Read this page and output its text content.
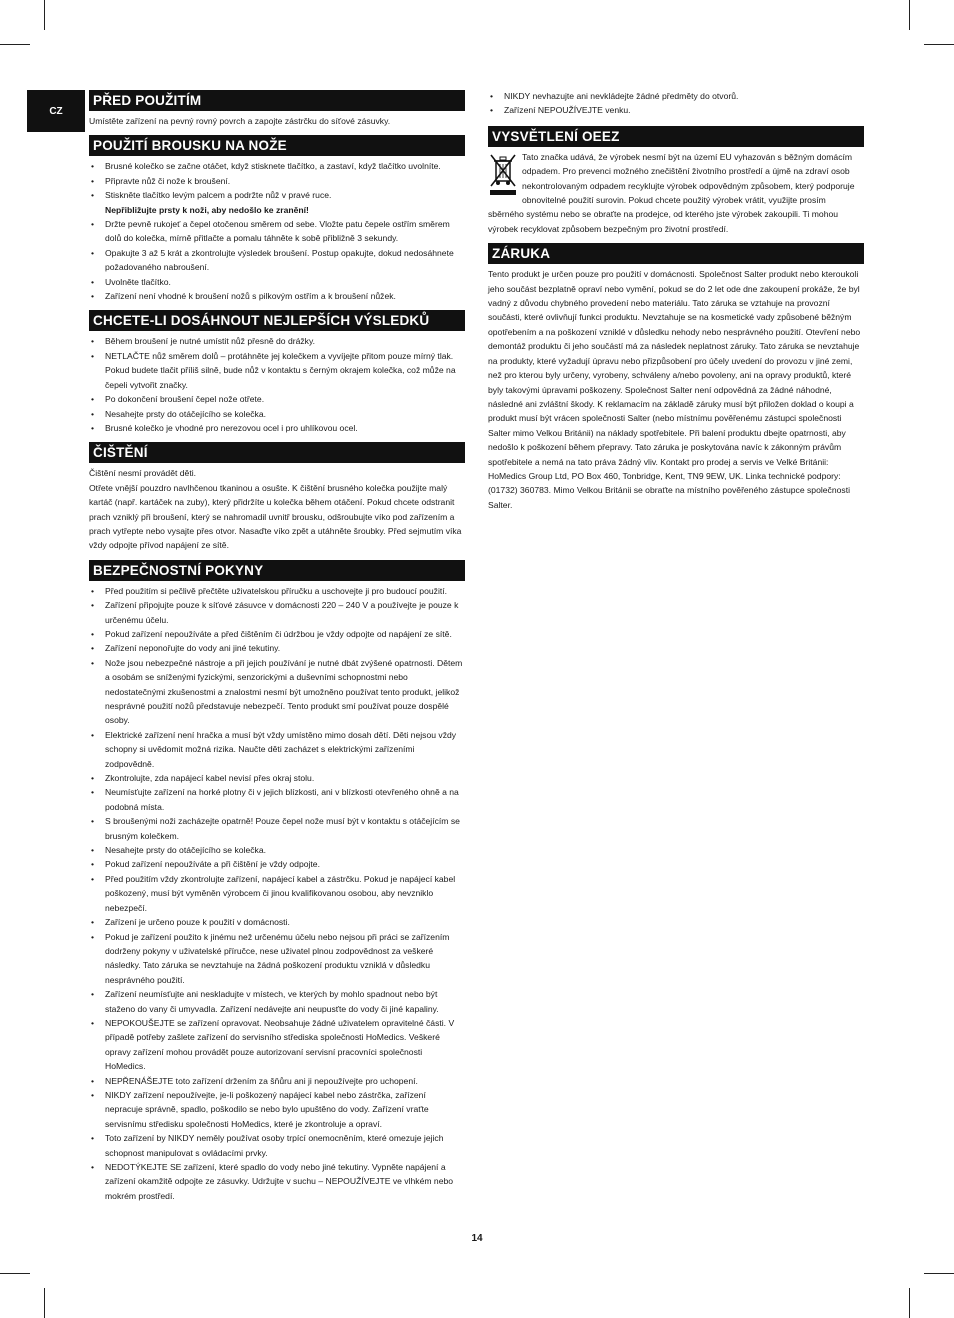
CZ
PŘED POUŽITÍM

Umístěte zařízení na pevný rovný povrch a zapojte zástrčku do síťové zásuvky.

POUŽITÍ BROUSKU NA NOŽE
•	Brusné kolečko se začne otáčet, když stisknete tlačítko, a zastaví, když tlačítko uvolníte.
•	Připravte nůž či nože k broušení.
•	Stiskněte tlačítko levým palcem a podržte nůž v pravé ruce.
Nepřibližujte prsty k noži, aby nedošlo ke zranění!
•	Držte pevně rukojeť a čepel otočenou směrem od sebe. Vložte patu čepele ostřím směrem dolů do kolečka, mírně přitlačte a pomalu táhněte k sobě přibližně 3 sekundy.
•	Opakujte 3 až 5 krát a zkontrolujte výsledek broušení. Postup opakujte, dokud nedosáhnete požadovaného nabroušení.
•	Uvolněte tlačítko.
•	Zařízení není vhodné k broušení nožů s pilkovým ostřím a k broušení nůžek.
CHCETE-LI DOSÁHNOUT NEJLEPŠÍCH VÝSLEDKŮ
•	Během broušení je nutné umístit nůž přesně do drážky.
•	NETLAČTE nůž směrem dolů – protáhněte jej kolečkem a vyvíjejte přitom pouze mírný tlak. Pokud budete tlačit příliš silně, bude nůž v kontaktu s černým okrajem kolečka, což může na čepeli vytvořit značky.
•	Po dokončení broušení čepel nože otřete.
•	Nesahejte prsty do otáčejícího se kolečka.
•	Brusné kolečko je vhodné pro nerezovou ocel i pro uhlíkovou ocel.
ČIŠTĚNÍ

Čištění nesmí provádět děti.

Otřete vnější pouzdro navlhčenou tkaninou a osušte. K čištění brusného kolečka použijte malý kartáč (např. kartáček na zuby), který přidržíte u kolečka během otáčení. Pokud chcete odstranit prach vzniklý při broušení, který se nahromadil uvnitř brousku, odšroubujte víko pod zařízením a prach vytřepte nebo vysajte přes otvor. Nasaďte víko zpět a utáhněte šroubky. Před sejmutím víka vždy odpojte přívod napájení ze sítě.

BEZPEČNOSTNÍ POKYNY
•	Před použitím si pečlivě přečtěte uživatelskou příručku a uschovejte ji pro budoucí použití.
•	Zařízení připojujte pouze k síťové zásuvce v domácnosti 220 – 240 V a používejte je pouze k určenému účelu.
•	Pokud zařízení nepoužíváte a před čištěním či údržbou je vždy odpojte od napájení ze sítě.
•	Zařízení neponořujte do vody ani jiné tekutiny.
•	Nože jsou nebezpečné nástroje a při jejich používání je nutné dbát zvýšené opatrnosti. Dětem a osobám se sníženými fyzickými, senzorickými a duševními schopnostmi nebo nedostatečnými zkušenostmi a znalostmi nesmí být umožněno používat tento produkt, jelikož nesprávné použití nožů představuje nebezpečí. Tento produkt smí používat pouze dospělé osoby.
•	Elektrické zařízení není hračka a musí být vždy umístěno mimo dosah dětí. Děti nejsou vždy schopny si uvědomit možná rizika. Naučte děti zacházet s elektrickými zařízeními zodpovědně.
•	Zkontrolujte, zda napájecí kabel nevisí přes okraj stolu.
•	Neumísťujte zařízení na horké plotny či v jejich blízkosti, ani v blízkosti otevřeného ohně a na podobná místa.
•	S broušenými noži zacházejte opatrně! Pouze čepel nože musí být v kontaktu s otáčejícím se brusným kolečkem.
•	Nesahejte prsty do otáčejícího se kolečka.
•	Pokud zařízení nepoužíváte a při čištění je vždy odpojte.
•	Před použitím vždy zkontrolujte zařízení, napájecí kabel a zástrčku. Pokud je napájecí kabel poškozený, musí být vyměněn výrobcem či jinou kvalifikovanou osobou, aby nevzniklo nebezpečí.
•	Zařízení je určeno pouze k použití v domácnosti.
•	Pokud je zařízení použito k jinému než určenému účelu nebo nejsou při práci se zařízením dodrženy pokyny v uživatelské příručce, nese uživatel plnou zodpovědnost za veškeré následky. Tato záruka se nevztahuje na žádná poškození produktu vzniklá v důsledku nesprávného použití.
•	Zařízení neumísťujte ani neskladujte v místech, ve kterých by mohlo spadnout nebo být staženo do vany či umyvadla. Zařízení nedávejte ani neupusťte do vody či jiné kapaliny.
•	NEPOKOUŠEJTE se zařízení opravovat. Neobsahuje žádné uživatelem opravitelné části. V případě potřeby zašlete zařízení do servisního střediska společnosti HoMedics. Veškeré opravy zařízení mohou provádět pouze autorizovaní servisní pracovníci společnosti HoMedics.
•	NEPŘENÁŠEJTE toto zařízení držením za šňůru ani ji nepoužívejte pro uchopení.
•	NIKDY zařízení nepoužívejte, je-li poškozený napájecí kabel nebo zástrčka, zařízení nepracuje správně, spadlo, poškodilo se nebo bylo upuštěno do vody. Zařízení vraťte servisnímu středisku společnosti HoMedics, které je zkontroluje a opraví.
•	Toto zařízení by NIKDY neměly používat osoby trpící onemocněním, které omezuje jejich schopnost manipulovat s ovládacími prvky.
•	NEDOTÝKEJTE SE zařízení, které spadlo do vody nebo jiné tekutiny. Vypněte napájení a zařízení okamžitě odpojte ze zásuvky. Udržujte v suchu – NEPOUŽÍVEJTE ve vlhkém nebo mokrém prostředí.
•	NIKDY nevhazujte ani nevkládejte žádné předměty do otvorů.
•	Zařízení NEPOUŽÍVEJTE venku.
VYSVĚTLENÍ OEEZ

Tato značka udává, že výrobek nesmí být na území EU vyhazován s běžným domácím odpadem. Pro prevenci možného znečištění životního prostředí a újmě na zdraví osob nekontrolovaným odpadem recyklujte výrobek odpovědným způsobem, který podporuje obnovitelné použití surovin. Pokud chcete použitý výrobek vrátit, využijte prosím sběrného systému nebo se obraťte na prodejce, od kterého jste výrobek zakoupili. Ti mohou výrobek recyklovat způsobem bezpečným pro životní prostředí.

ZÁRUKA

Tento produkt je určen pouze pro použití v domácnosti. Společnost Salter produkt nebo kteroukoli jeho součást bezplatně opraví nebo vymění, pokud se do 2 let ode dne zakoupení prokáže, že byl vadný z důvodu chybného provedení nebo materiálu. Tato záruka se vztahuje na provozní součásti, které ovlivňují funkci produktu. Nevztahuje se na kosmetické vady způsobené běžným opotřebením a na poškození vzniklé v důsledku nehody nebo nesprávného použití. Otevření nebo demontáž produktu či jeho součástí má za následek neplatnost záruky. Tato záruka se nevztahuje na produkty, které vyžadují úpravu nebo přizpůsobení pro účely uvedení do provozu v jiné zemi, než pro kterou byly určeny, vyrobeny, schváleny a/nebo povoleny, ani na opravy produktů, které byly takovými úpravami poškozeny. Společnost Salter není odpovědná za žádné náhodné, následné ani zvláštní škody. K reklamacím na základě záruky musí být přiložen doklad o koupi a produkt musí být vrácen společnosti Salter (nebo místnímu pověřenému zástupci společnosti Salter mimo Velkou Británii) na náklady spotřebitele. Při balení produktu dbejte opatrnosti, aby nedošlo k poškození během přepravy. Tato záruka je poskytována navíc k zákonným právům spotřebitele a nemá na tato práva žádný vliv. Kontakt pro prodej a servis ve Velké Británii: HoMedics Group Ltd, PO Box 460, Tonbridge, Kent, TN9 9EW, UK. Linka technické podpory: (01732) 360783. Mimo Velkou Británii se obraťte na místního pověřeného zástupce společnosti Salter.

14
